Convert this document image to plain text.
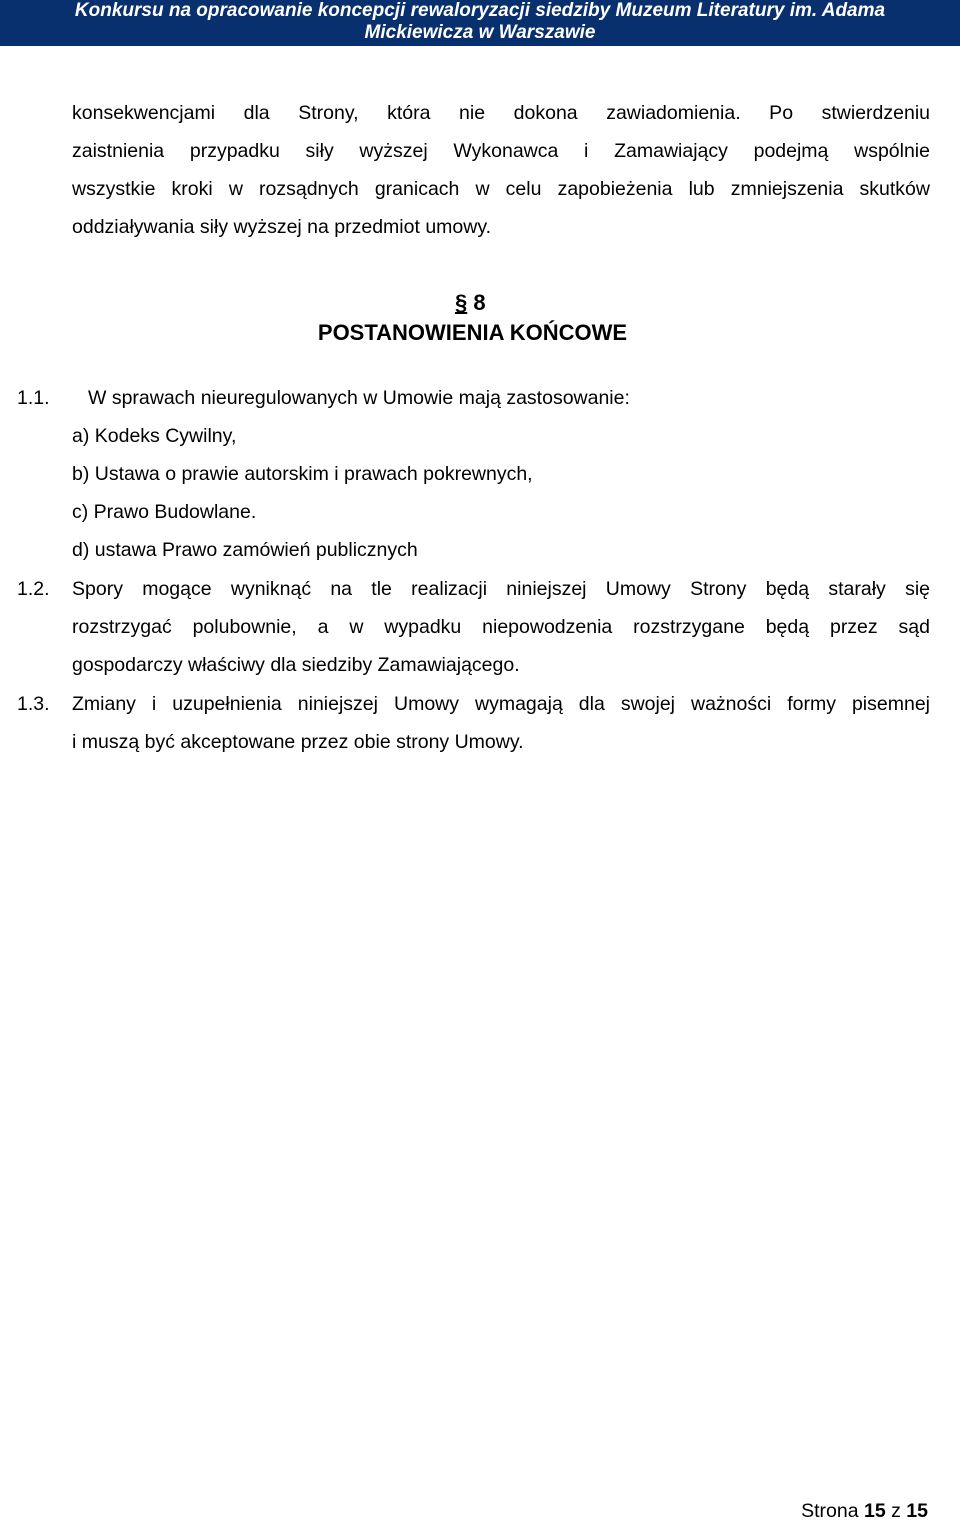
Konkursu na opracowanie koncepcji rewaloryzacji siedziby Muzeum Literatury im. Adama
Mickiewicza w Warszawie
konsekwencjami dla Strony, która nie dokona zawiadomienia. Po stwierdzeniu
zaistnienia przypadku siły wyższej Wykonawca i Zamawiający podejmą wspólnie
wszystkie kroki w rozsądnych granicach w celu zapobieżenia lub zmniejszenia skutków
oddziaływania siły wyższej na przedmiot umowy.
§ 8
POSTANOWIENIA KOŃCOWE
1.1. W sprawach nieuregulowanych w Umowie mają zastosowanie:
a) Kodeks Cywilny,
b) Ustawa o prawie autorskim i prawach pokrewnych,
c) Prawo Budowlane.
d) ustawa Prawo zamówień publicznych
1.2. Spory mogące wyniknąć na tle realizacji niniejszej Umowy Strony będą starały się
rozstrzygać polubownie, a w wypadku niepowodzenia rozstrzygane będą przez sąd
gospodarczy właściwy dla siedziby Zamawiającego.
1.3. Zmiany i uzupełnienia niniejszej Umowy wymagają dla swojej ważności formy pisemnej
i muszą być akceptowane przez obie strony Umowy.
Strona 15 z 15
